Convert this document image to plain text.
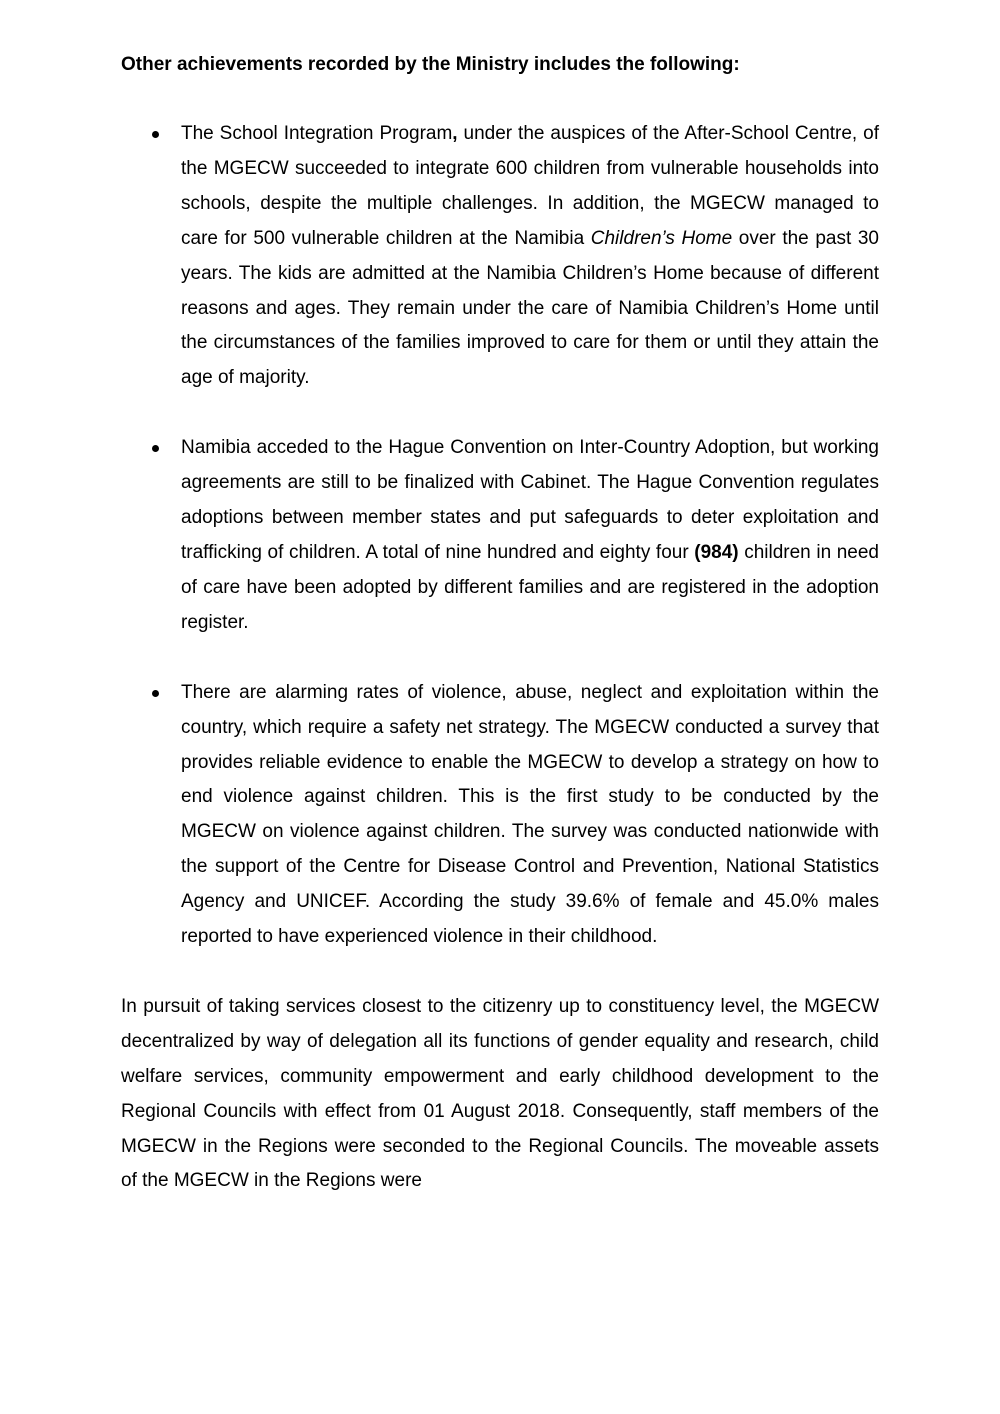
Other achievements recorded by the Ministry includes the following:

The School Integration Program, under the auspices of the After-School Centre, of the MGECW succeeded to integrate 600 children from vulnerable households into schools, despite the multiple challenges. In addition, the MGECW managed to care for 500 vulnerable children at the Namibia Children’s Home over the past 30 years. The kids are admitted at the Namibia Children’s Home because of different reasons and ages. They remain under the care of Namibia Children’s Home until the circumstances of the families improved to care for them or until they attain the age of majority.
Namibia acceded to the Hague Convention on Inter-Country Adoption, but working agreements are still to be finalized with Cabinet. The Hague Convention regulates adoptions between member states and put safeguards to deter exploitation and trafficking of children. A total of nine hundred and eighty four (984) children in need of care have been adopted by different families and are registered in the adoption register.
There are alarming rates of violence, abuse, neglect and exploitation within the country, which require a safety net strategy. The MGECW conducted a survey that provides reliable evidence to enable the MGECW to develop a strategy on how to end violence against children. This is the first study to be conducted by the MGECW on violence against children. The survey was conducted nationwide with the support of the Centre for Disease Control and Prevention, National Statistics Agency and UNICEF. According the study 39.6% of female and 45.0% males reported to have experienced violence in their childhood.

In pursuit of taking services closest to the citizenry up to constituency level, the MGECW decentralized by way of delegation all its functions of gender equality and research, child welfare services, community empowerment and early childhood development to the Regional Councils with effect from 01 August 2018. Consequently, staff members of the MGECW in the Regions were seconded to the Regional Councils. The moveable assets of the MGECW in the Regions were
